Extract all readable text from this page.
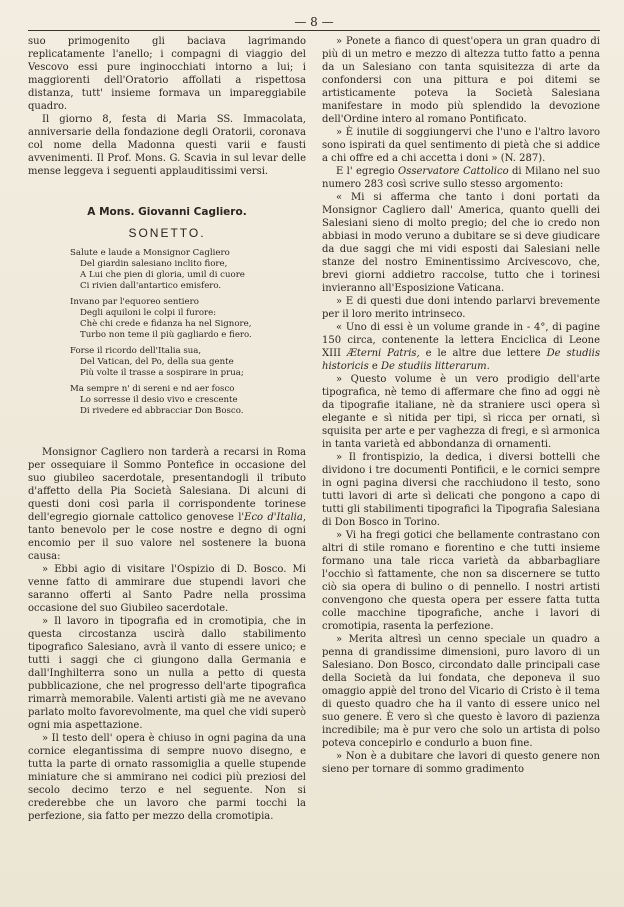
— 8 —

suo primogenito gli baciava lagrimando replicatamente l'anello; i compagni di viaggio del Vescovo essi pure inginocchiati intorno a lui; i maggiorenti dell'Oratorio affollati a rispettosa distanza, tutt' insieme formava un impareggiabile quadro.

Il giorno 8, festa di Maria SS. Immacolata, anniversarie della fondazione degli Oratorii, coronava col nome della Madonna questi varii e fausti avvenimenti. Il Prof. Mons. G. Scavia in sul levar delle mense leggeva i seguenti applauditissimi versi.

A Mons. Giovanni Cagliero.
SONETTO.
Salute e laude a Monsignor Cagliero
Del giardin salesiano inclito fiore,
A Lui che pien di gloria, umil di cuore
Ci rivien dall'antartico emisfero.
Invano par l'equoreo sentiero
Degli aquiloni le colpi il furore:
Chè chi crede e fidanza ha nel Signore,
Turbo non teme il più gagliardo e fiero.
Forse il ricordo dell'Italia sua,
Del Vatican, del Po, della sua gente
Più volte il trasse a sospirare in prua;
Ma sempre n' di sereni e nd aer fosco
Lo sorresse il desio vivo e crescente
Di rivedere ed abbracciar Don Bosco.

Monsignor Cagliero non tarderà a recarsi in Roma per ossequiare il Sommo Pontefice in occasione del suo giubileo sacerdotale, presentandogli il tributo d'affetto della Pia Società Salesiana. Di alcuni di questi doni così parla il corrispondente torinese dell'egregio giornale cattolico genovese l'Eco d'Italia, tanto benevolo per le cose nostre e degno di ogni encomio per il suo valore nel sostenere la buona causa:

» Ebbi agio di visitare l'Ospizio di D. Bosco. Mi venne fatto di ammirare due stupendi lavori che saranno offerti al Santo Padre nella prossima occasione del suo Giubileo sacerdotale.

» Il lavoro in tipografia ed in cromotipia, che in questa circostanza uscirà dallo stabilimento tipografico Salesiano, avrà il vanto di essere unico; e tutti i saggi che ci giungono dalla Germania e dall'Inghilterra sono un nulla a petto di questa pubblicazione, che nel progresso dell'arte tipografica rimarrà memorabile. Valenti artisti già me ne avevano parlato molto favorevolmente, ma quel che vidi superò ogni mia aspettazione.

» Il testo dell' opera è chiuso in ogni pagina da una cornice elegantissima di sempre nuovo disegno, e tutta la parte di ornato rassomiglia a quelle stupende miniature che si ammirano nei codici più preziosi del secolo decimo terzo e nel seguente. Non si crederebbe che un lavoro che parmi tocchi la perfezione, sia fatto per mezzo della cromotipia.

» Ponete a fianco di quest'opera un gran quadro di più di un metro e mezzo di altezza tutto fatto a penna da un Salesiano con tanta squisitezza di arte da confondersi con una pittura e poi ditemi se artisticamente poteva la Società Salesiana manifestare in modo più splendido la devozione dell'Ordine intero al romano Pontificato.

» È inutile di soggiungervi che l'uno e l'altro lavoro sono ispirati da quel sentimento di pietà che si addice a chi offre ed a chi accetta i doni » (N. 287).

E l' egregio Osservatore Cattolico di Milano nel suo numero 283 così scrive sullo stesso argomento:

« Mi si afferma che tanto i doni portati da Monsignor Cagliero dall' America, quanto quelli dei Salesiani sieno di molto pregio; del che io credo non abbiasi in modo veruno a dubitare se si deve giudicare da due saggi che mi vidi esposti dai Salesiani nelle stanze del nostro Eminentissimo Arcivescovo, che, brevi giorni addietro raccolse, tutto che i torinesi invieranno all'Esposizione Vaticana.

» E di questi due doni intendo parlarvi brevemente per il loro merito intrinseco.

« Uno di essi è un volume grande in - 4°, di pagine 150 circa, contenente la lettera Enciclica di Leone XIII Æterni Patris, e le altre due lettere De studiis historicis e De studiis litterarum.

» Questo volume è un vero prodigio dell'arte tipografica, nè temo di affermare che fino ad oggi nè da tipografie italiane, nè da straniere usci opera sì elegante e sì nitida per tipi, sì ricca per ornati, sì squisita per arte e per vaghezza di fregi, e sì armonica in tanta varietà ed abbondanza di ornamenti.

» Il frontispizio, la dedica, i diversi bottelli che dividono i tre documenti Pontificii, e le cornici sempre in ogni pagina diversi che racchiudono il testo, sono tutti lavori di arte sì delicati che pongono a capo di tutti gli stabilimenti tipografici la Tipografia Salesiana di Don Bosco in Torino.

» Vi ha fregi gotici che bellamente contrastano con altri di stile romano e fiorentino e che tutti insieme formano una tale ricca varietà da abbarbagliare l'occhio sì fattamente, che non sa discernere se tutto ciò sia opera di bulino o di pennello. I nostri artisti convengono che questa opera per essere fatta tutta colle macchine tipografiche, anche i lavori di cromotipia, rasenta la perfezione.

» Merita altresì un cenno speciale un quadro a penna di grandissime dimensioni, puro lavoro di un Salesiano. Don Bosco, circondato dalle principali case della Società da lui fondata, che deponeva il suo omaggio appiè del trono del Vicario di Cristo è il tema di questo quadro che ha il vanto di essere unico nel suo genere. È vero sì che questo è lavoro di pazienza incredibile; ma è pur vero che solo un artista di polso poteva concepirlo e condurlo a buon fine.

» Non è a dubitare che lavori di questo genere non sieno per tornare di sommo gradimento
